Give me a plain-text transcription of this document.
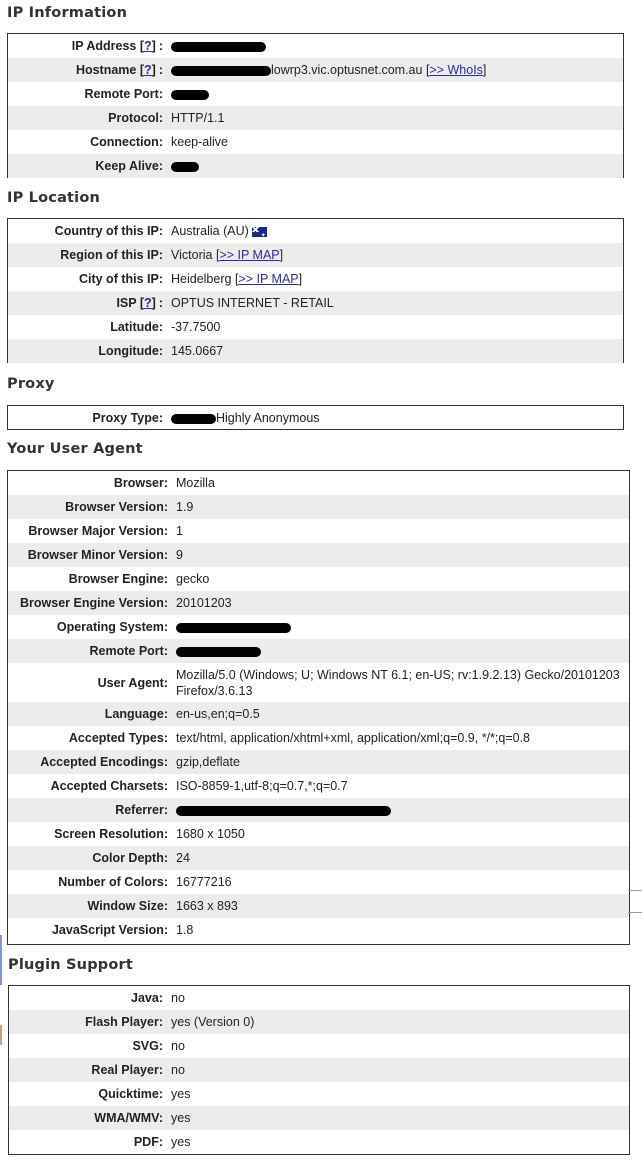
IP Information
IP Address [?] :		
Hostname [?] :		lowrp3.vic.optusnet.com.au [>> WhoIs]
Remote Port:		
Protocol:		HTTP/1.1
Connection:		keep-alive
Keep Alive:		
IP Location
Country of this IP:		Australia (AU)✦
Region of this IP:		Victoria [>> IP MAP]
City of this IP:		Heidelberg [>> IP MAP]
ISP [?] :		OPTUS INTERNET - RETAIL
Latitude:		-37.7500
Longitude:		145.0667
Proxy
Proxy Type:		Highly Anonymous
Your User Agent
Browser:		Mozilla
Browser Version:		1.9
Browser Major Version:		1
Browser Minor Version:		9
Browser Engine:		gecko
Browser Engine Version:		20101203
Operating System:		
Remote Port:		
User Agent:		Mozilla/5.0 (Windows; U; Windows NT 6.1; en-US; rv:1.9.2.13) Gecko/20101203 Firefox/3.6.13
Language:		en-us,en;q=0.5
Accepted Types:		text/html, application/xhtml+xml, application/xml;q=0.9, */*;q=0.8
Accepted Encodings:		gzip,deflate
Accepted Charsets:		ISO-8859-1,utf-8;q=0.7,*;q=0.7
Referrer:		
Screen Resolution:		1680 x 1050
Color Depth:		24
Number of Colors:		16777216
Window Size:		1663 x 893
JavaScript Version:		1.8
Plugin Support
Java:		no
Flash Player:		yes (Version 0)
SVG:		no
Real Player:		no
Quicktime:		yes
WMA/WMV:		yes
PDF:		yes
